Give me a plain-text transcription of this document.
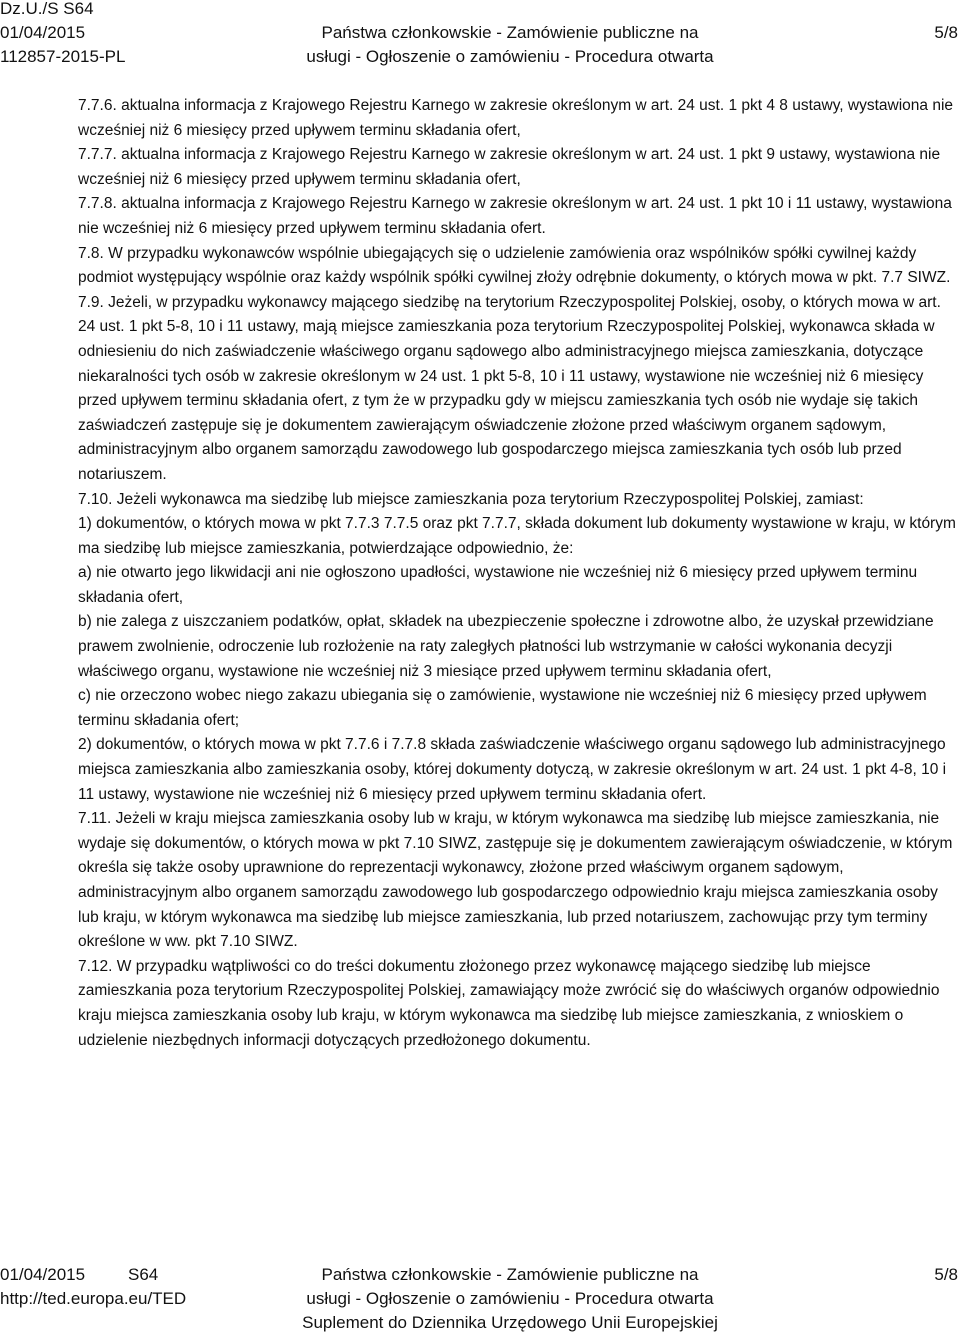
Dz.U./S S64
01/04/2015
112857-2015-PL
Państwa członkowskie - Zamówienie publiczne na
usługi - Ogłoszenie o zamówieniu - Procedura otwarta
5/8

7.7.6. aktualna informacja z Krajowego Rejestru Karnego w zakresie określonym w art. 24 ust. 1 pkt 4 8 ustawy, wystawiona nie wcześniej niż 6 miesięcy przed upływem terminu składania ofert,

7.7.7. aktualna informacja z Krajowego Rejestru Karnego w zakresie określonym w art. 24 ust. 1 pkt 9 ustawy, wystawiona nie wcześniej niż 6 miesięcy przed upływem terminu składania ofert,

7.7.8. aktualna informacja z Krajowego Rejestru Karnego w zakresie określonym w art. 24 ust. 1 pkt 10 i 11 ustawy, wystawiona nie wcześniej niż 6 miesięcy przed upływem terminu składania ofert.

7.8. W przypadku wykonawców wspólnie ubiegających się o udzielenie zamówienia oraz wspólników spółki cywilnej każdy podmiot występujący wspólnie oraz każdy wspólnik spółki cywilnej złoży odrębnie dokumenty, o których mowa w pkt. 7.7 SIWZ.

7.9. Jeżeli, w przypadku wykonawcy mającego siedzibę na terytorium Rzeczypospolitej Polskiej, osoby, o których mowa w art. 24 ust. 1 pkt 5-8, 10 i 11 ustawy, mają miejsce zamieszkania poza terytorium Rzeczypospolitej Polskiej, wykonawca składa w odniesieniu do nich zaświadczenie właściwego organu sądowego albo administracyjnego miejsca zamieszkania, dotyczące niekaralności tych osób w zakresie określonym w 24 ust. 1 pkt 5-8, 10 i 11 ustawy, wystawione nie wcześniej niż 6 miesięcy przed upływem terminu składania ofert, z tym że w przypadku gdy w miejscu zamieszkania tych osób nie wydaje się takich zaświadczeń zastępuje się je dokumentem zawierającym oświadczenie złożone przed właściwym organem sądowym, administracyjnym albo organem samorządu zawodowego lub gospodarczego miejsca zamieszkania tych osób lub przed notariuszem.

7.10. Jeżeli wykonawca ma siedzibę lub miejsce zamieszkania poza terytorium Rzeczypospolitej Polskiej, zamiast:

1) dokumentów, o których mowa w pkt 7.7.3 7.7.5 oraz pkt 7.7.7, składa dokument lub dokumenty wystawione w kraju, w którym ma siedzibę lub miejsce zamieszkania, potwierdzające odpowiednio, że:

a) nie otwarto jego likwidacji ani nie ogłoszono upadłości, wystawione nie wcześniej niż 6 miesięcy przed upływem terminu składania ofert,

b) nie zalega z uiszczaniem podatków, opłat, składek na ubezpieczenie społeczne i zdrowotne albo, że uzyskał przewidziane prawem zwolnienie, odroczenie lub rozłożenie na raty zaległych płatności lub wstrzymanie w całości wykonania decyzji właściwego organu, wystawione nie wcześniej niż 3 miesiące przed upływem terminu składania ofert,

c) nie orzeczono wobec niego zakazu ubiegania się o zamówienie, wystawione nie wcześniej niż 6 miesięcy przed upływem terminu składania ofert;

2) dokumentów, o których mowa w pkt 7.7.6 i 7.7.8 składa zaświadczenie właściwego organu sądowego lub administracyjnego miejsca zamieszkania albo zamieszkania osoby, której dokumenty dotyczą, w zakresie określonym w art. 24 ust. 1 pkt 4-8, 10 i 11 ustawy, wystawione nie wcześniej niż 6 miesięcy przed upływem terminu składania ofert.

7.11. Jeżeli w kraju miejsca zamieszkania osoby lub w kraju, w którym wykonawca ma siedzibę lub miejsce zamieszkania, nie wydaje się dokumentów, o których mowa w pkt 7.10 SIWZ, zastępuje się je dokumentem zawierającym oświadczenie, w którym określa się także osoby uprawnione do reprezentacji wykonawcy, złożone przed właściwym organem sądowym, administracyjnym albo organem samorządu zawodowego lub gospodarczego odpowiednio kraju miejsca zamieszkania osoby lub kraju, w którym wykonawca ma siedzibę lub miejsce zamieszkania, lub przed notariuszem, zachowując przy tym terminy określone w ww. pkt 7.10 SIWZ.

7.12. W przypadku wątpliwości co do treści dokumentu złożonego przez wykonawcę mającego siedzibę lub miejsce zamieszkania poza terytorium Rzeczypospolitej Polskiej, zamawiający może zwrócić się do właściwych organów odpowiednio kraju miejsca zamieszkania osoby lub kraju, w którym wykonawca ma siedzibę lub miejsce zamieszkania, z wnioskiem o udzielenie niezbędnych informacji dotyczących przedłożonego dokumentu.

01/04/2015	S64
http://ted.europa.eu/TED
Państwa członkowskie - Zamówienie publiczne na
usługi - Ogłoszenie o zamówieniu - Procedura otwarta
Suplement do Dziennika Urzędowego Unii Europejskiej
5/8
